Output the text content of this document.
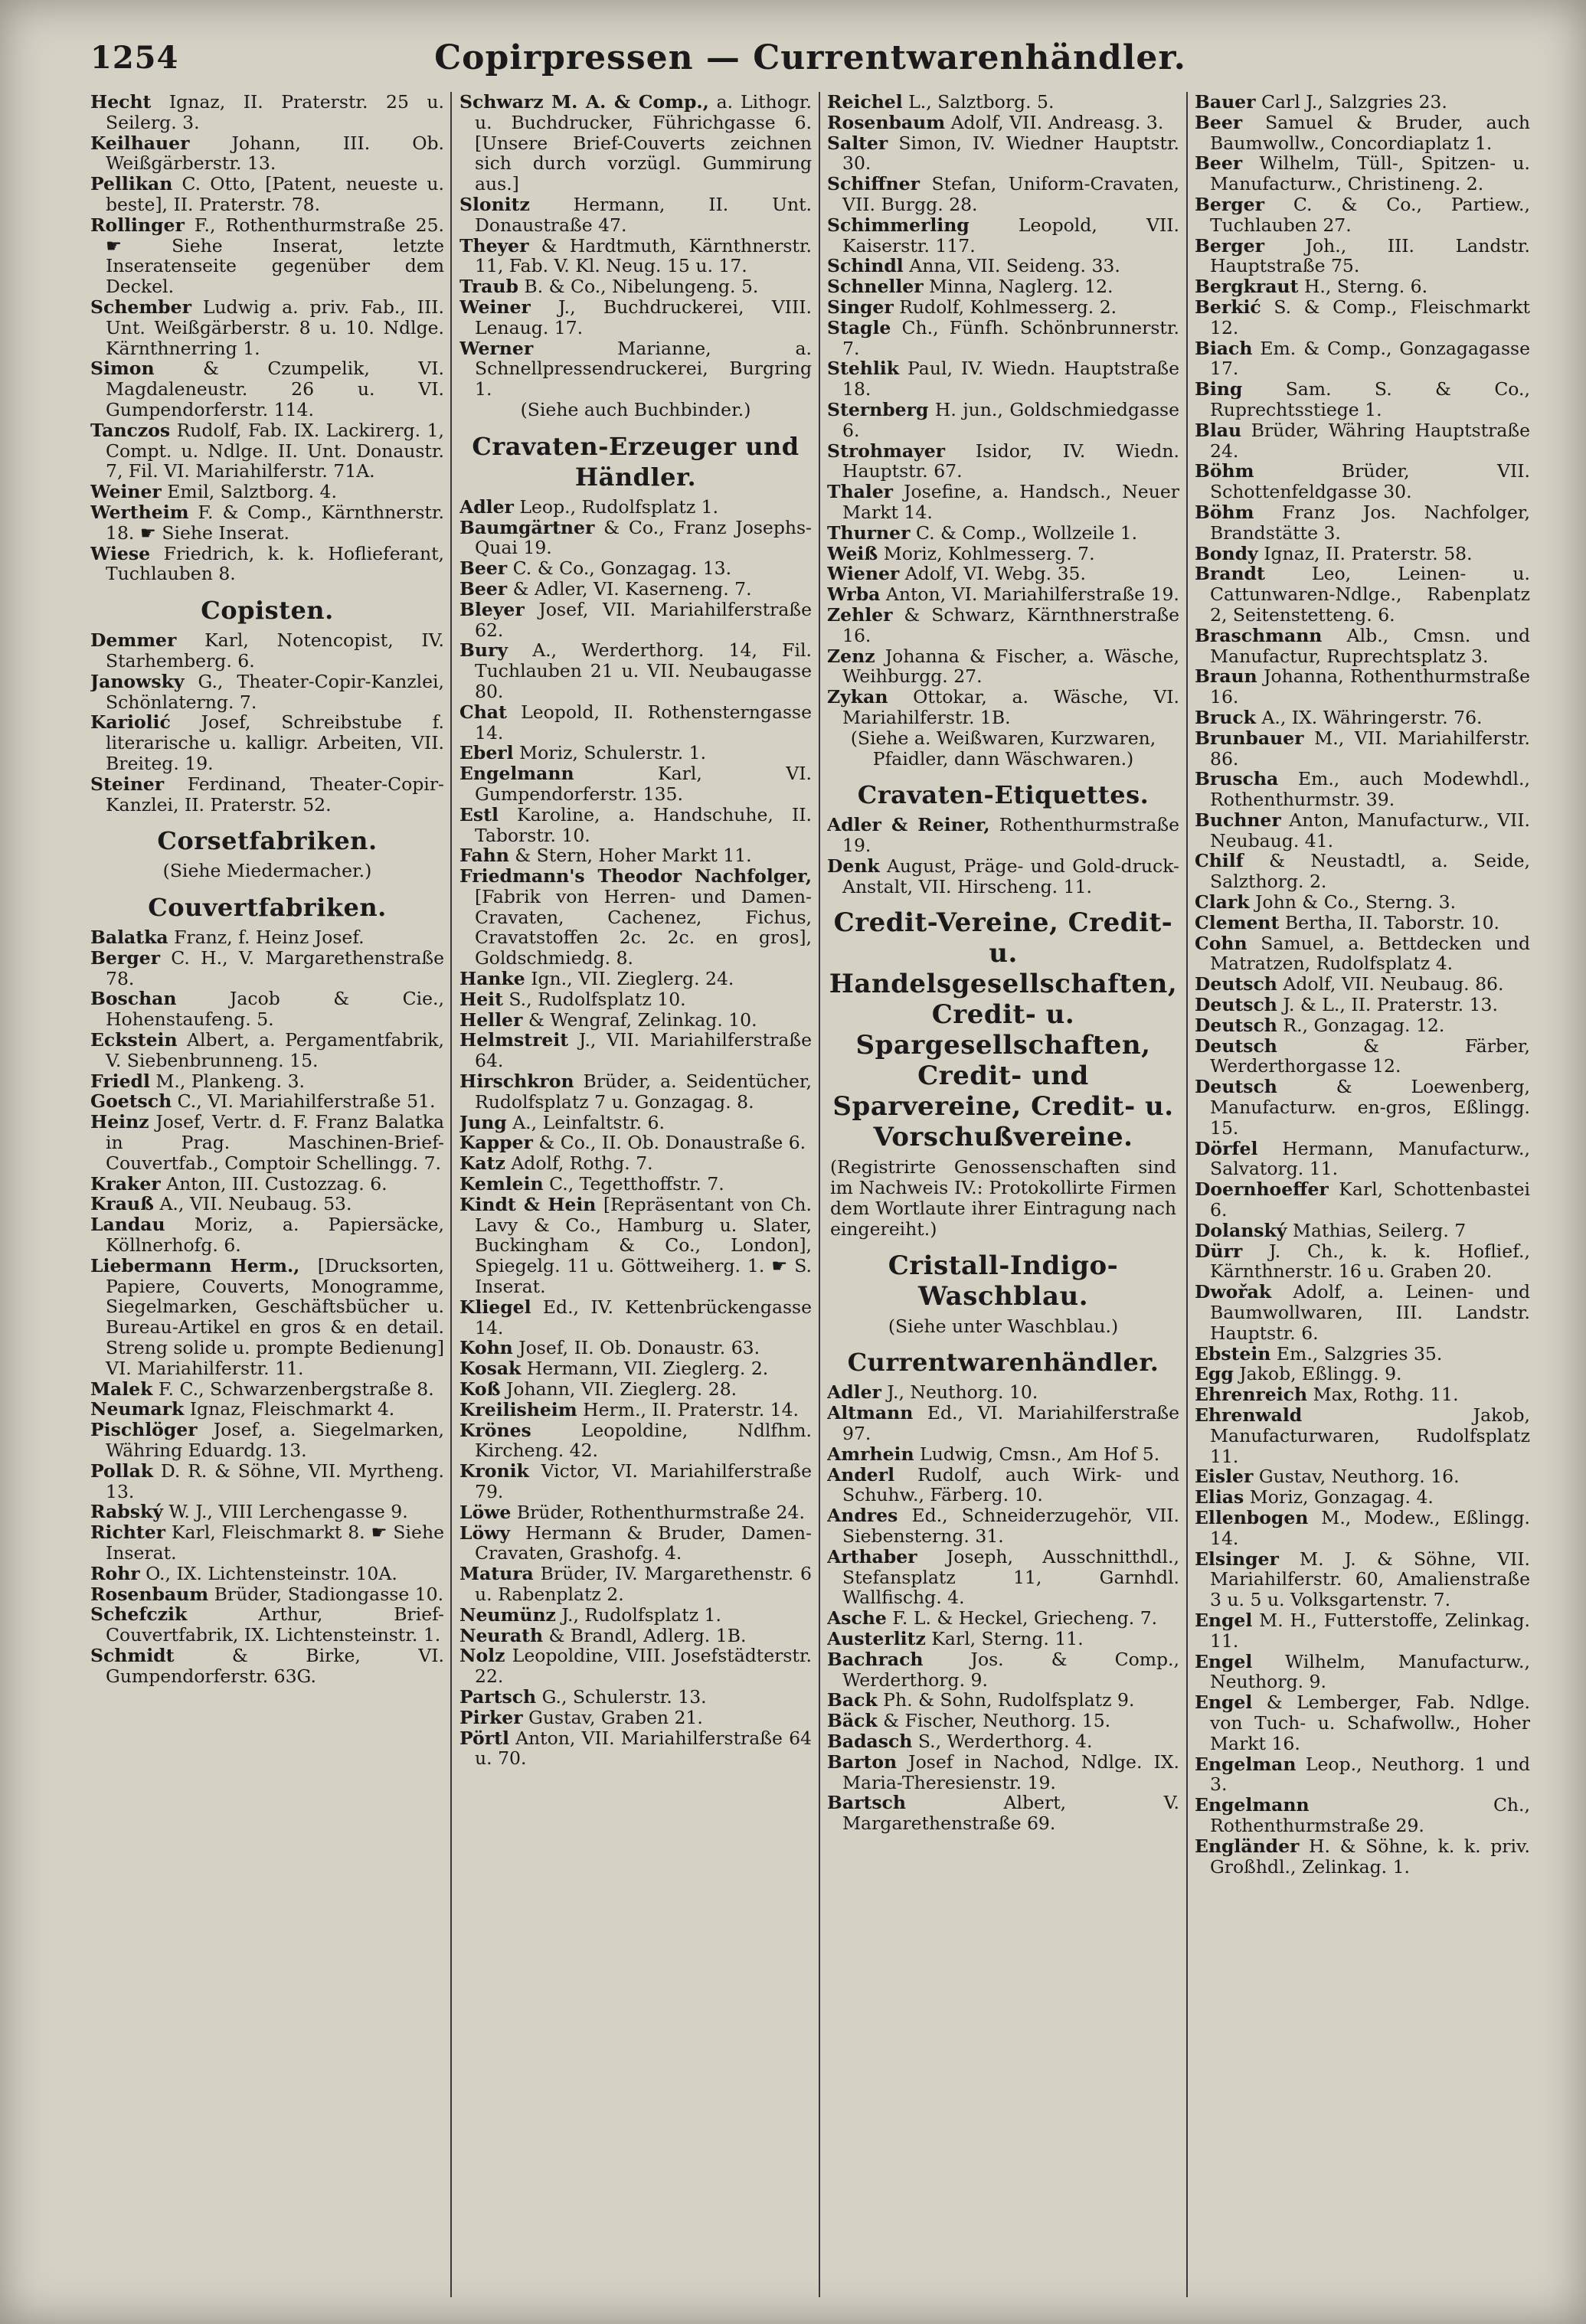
1254	Copirpressen — Currentwarenhändler.

Hecht Ignaz, II. Praterstr. 25 u. Seilerg. 3.

Keilhauer Johann, III. Ob. Weißgärberstr. 13.

Pellikan C. Otto, [Patent, neueste u. beste], II. Praterstr. 78.

Rollinger F., Rothenthurmstraße 25. ☛ Siehe Inserat, letzte Inseratenseite gegenüber dem Deckel.

Schember Ludwig a. priv. Fab., III. Unt. Weißgärberstr. 8 u. 10. Ndlge. Kärnthnerring 1.

Simon & Czumpelik, VI. Magdaleneustr. 26 u. VI. Gumpendorferstr. 114.

Tanczos Rudolf, Fab. IX. Lackirerg. 1, Compt. u. Ndlge. II. Unt. Donaustr. 7, Fil. VI. Mariahilferstr. 71A.

Weiner Emil, Salztborg. 4.

Wertheim F. & Comp., Kärnthnerstr. 18. ☛ Siehe Inserat.

Wiese Friedrich, k. k. Hoflieferant, Tuchlauben 8.

Copisten.

Demmer Karl, Notencopist, IV. Starhemberg. 6.

Janowsky G., Theater-Copir-Kanzlei, Schönlaterng. 7.

Kariolić Josef, Schreibstube f. literarische u. kalligr. Arbeiten, VII. Breiteg. 19.

Steiner Ferdinand, Theater-Copir-Kanzlei, II. Praterstr. 52.

Corsetfabriken.
(Siehe Miedermacher.)
Couvertfabriken.

Balatka Franz, f. Heinz Josef.

Berger C. H., V. Margarethenstraße 78.

Boschan Jacob & Cie., Hohenstaufeng. 5.

Eckstein Albert, a. Pergamentfabrik, V. Siebenbrunneng. 15.

Friedl M., Plankeng. 3.

Goetsch C., VI. Mariahilferstraße 51.

Heinz Josef, Vertr. d. F. Franz Balatka in Prag. Maschinen-Brief-Couvertfab., Comptoir Schellingg. 7.

Kraker Anton, III. Custozzag. 6.

Krauß A., VII. Neubaug. 53.

Landau Moriz, a. Papiersäcke, Köllnerhofg. 6.

Liebermann Herm., [Drucksorten, Papiere, Couverts, Monogramme, Siegelmarken, Geschäftsbücher u. Bureau-Artikel en gros & en detail. Streng solide u. prompte Bedienung] VI. Mariahilferstr. 11.

Malek F. C., Schwarzenbergstraße 8.

Neumark Ignaz, Fleischmarkt 4.

Pischlöger Josef, a. Siegelmarken, Währing Eduardg. 13.

Pollak D. R. & Söhne, VII. Myrtheng. 13.

Rabský W. J., VIII Lerchengasse 9.

Richter Karl, Fleischmarkt 8. ☛ Siehe Inserat.

Rohr O., IX. Lichtensteinstr. 10A.

Rosenbaum Brüder, Stadiongasse 10.

Schefczik Arthur, Brief-Couvertfabrik, IX. Lichtensteinstr. 1.

Schmidt & Birke, VI. Gumpendorferstr. 63G.

Schwarz M. A. & Comp., a. Lithogr. u. Buchdrucker, Führichgasse 6. [Unsere Brief-Couverts zeichnen sich durch vorzügl. Gummirung aus.]

Slonitz Hermann, II. Unt. Donaustraße 47.

Theyer & Hardtmuth, Kärnthnerstr. 11, Fab. V. Kl. Neug. 15 u. 17.

Traub B. & Co., Nibelungeng. 5.

Weiner J., Buchdruckerei, VIII. Lenaug. 17.

Werner Marianne, a. Schnellpressendruckerei, Burgring 1.

(Siehe auch Buchbinder.)
Cravaten-Erzeuger und Händler.

Adler Leop., Rudolfsplatz 1.

Baumgärtner & Co., Franz Josephs-Quai 19.

Beer C. & Co., Gonzagag. 13.

Beer & Adler, VI. Kaserneng. 7.

Bleyer Josef, VII. Mariahilferstraße 62.

Bury A., Werderthorg. 14, Fil. Tuchlauben 21 u. VII. Neubaugasse 80.

Chat Leopold, II. Rothensterngasse 14.

Eberl Moriz, Schulerstr. 1.

Engelmann Karl, VI. Gumpendorferstr. 135.

Estl Karoline, a. Handschuhe, II. Taborstr. 10.

Fahn & Stern, Hoher Markt 11.

Friedmann's Theodor Nachfolger, [Fabrik von Herren- und Damen-Cravaten, Cachenez, Fichus, Cravatstoffen 2c. 2c. en gros], Goldschmiedg. 8.

Hanke Ign., VII. Zieglerg. 24.

Heit S., Rudolfsplatz 10.

Heller & Wengraf, Zelinkag. 10.

Helmstreit J., VII. Mariahilferstraße 64.

Hirschkron Brüder, a. Seidentücher, Rudolfsplatz 7 u. Gonzagag. 8.

Jung A., Leinfaltstr. 6.

Kapper & Co., II. Ob. Donaustraße 6.

Katz Adolf, Rothg. 7.

Kemlein C., Tegetthoffstr. 7.

Kindt & Hein [Repräsentant von Ch. Lavy & Co., Hamburg u. Slater, Buckingham & Co., London], Spiegelg. 11 u. Göttweiherg. 1. ☛ S. Inserat.

Kliegel Ed., IV. Kettenbrückengasse 14.

Kohn Josef, II. Ob. Donaustr. 63.

Kosak Hermann, VII. Zieglerg. 2.

Koß Johann, VII. Zieglerg. 28.

Kreilisheim Herm., II. Praterstr. 14.

Krönes Leopoldine, Ndlfhm. Kircheng. 42.

Kronik Victor, VI. Mariahilferstraße 79.

Löwe Brüder, Rothenthurmstraße 24.

Löwy Hermann & Bruder, Damen-Cravaten, Grashofg. 4.

Matura Brüder, IV. Margarethenstr. 6 u. Rabenplatz 2.

Neumünz J., Rudolfsplatz 1.

Neurath & Brandl, Adlerg. 1B.

Nolz Leopoldine, VIII. Josefstädterstr. 22.

Partsch G., Schulerstr. 13.

Pirker Gustav, Graben 21.

Pörtl Anton, VII. Mariahilferstraße 64 u. 70.

Reichel L., Salztborg. 5.

Rosenbaum Adolf, VII. Andreasg. 3.

Salter Simon, IV. Wiedner Hauptstr. 30.

Schiffner Stefan, Uniform-Cravaten, VII. Burgg. 28.

Schimmerling Leopold, VII. Kaiserstr. 117.

Schindl Anna, VII. Seideng. 33.

Schneller Minna, Naglerg. 12.

Singer Rudolf, Kohlmesserg. 2.

Stagle Ch., Fünfh. Schönbrunnerstr. 7.

Stehlik Paul, IV. Wiedn. Hauptstraße 18.

Sternberg H. jun., Goldschmiedgasse 6.

Strohmayer Isidor, IV. Wiedn. Hauptstr. 67.

Thaler Josefine, a. Handsch., Neuer Markt 14.

Thurner C. & Comp., Wollzeile 1.

Weiß Moriz, Kohlmesserg. 7.

Wiener Adolf, VI. Webg. 35.

Wrba Anton, VI. Mariahilferstraße 19.

Zehler & Schwarz, Kärnthnerstraße 16.

Zenz Johanna & Fischer, a. Wäsche, Weihburgg. 27.

Zykan Ottokar, a. Wäsche, VI. Mariahilferstr. 1B.

(Siehe a. Weißwaren, Kurzwaren, Pfaidler, dann Wäschwaren.)
Cravaten-Etiquettes.

Adler & Reiner, Rothenthurmstraße 19.

Denk August, Präge- und Gold-druck-Anstalt, VII. Hirscheng. 11.

Credit-Vereine, Credit- u. Handelsgesellschaften, Credit- u. Spargesellschaften, Credit- und Sparvereine, Credit- u. Vorschußvereine.
(Registrirte Genossenschaften sind im Nachweis IV.: Protokollirte Firmen dem Wortlaute ihrer Eintragung nach eingereiht.)
Cristall-Indigo-Waschblau.
(Siehe unter Waschblau.)
Currentwarenhändler.

Adler J., Neuthorg. 10.

Altmann Ed., VI. Mariahilferstraße 97.

Amrhein Ludwig, Cmsn., Am Hof 5.

Anderl Rudolf, auch Wirk- und Schuhw., Färberg. 10.

Andres Ed., Schneiderzugehör, VII. Siebensterng. 31.

Arthaber Joseph, Ausschnitthdl., Stefansplatz 11, Garnhdl. Wallfischg. 4.

Asche F. L. & Heckel, Griecheng. 7.

Austerlitz Karl, Sterng. 11.

Bachrach Jos. & Comp., Werderthorg. 9.

Back Ph. & Sohn, Rudolfsplatz 9.

Bäck & Fischer, Neuthorg. 15.

Badasch S., Werderthorg. 4.

Barton Josef in Nachod, Ndlge. IX. Maria-Theresienstr. 19.

Bartsch Albert, V. Margarethenstraße 69.

Bauer Carl J., Salzgries 23.

Beer Samuel & Bruder, auch Baumwollw., Concordiaplatz 1.

Beer Wilhelm, Tüll-, Spitzen- u. Manufacturw., Christineng. 2.

Berger C. & Co., Partiew., Tuchlauben 27.

Berger Joh., III. Landstr. Hauptstraße 75.

Bergkraut H., Sterng. 6.

Berkić S. & Comp., Fleischmarkt 12.

Biach Em. & Comp., Gonzagagasse 17.

Bing Sam. S. & Co., Ruprechtsstiege 1.

Blau Brüder, Währing Hauptstraße 24.

Böhm Brüder, VII. Schottenfeldgasse 30.

Böhm Franz Jos. Nachfolger, Brandstätte 3.

Bondy Ignaz, II. Praterstr. 58.

Brandt Leo, Leinen- u. Cattunwaren-Ndlge., Rabenplatz 2, Seitenstetteng. 6.

Braschmann Alb., Cmsn. und Manufactur, Ruprechtsplatz 3.

Braun Johanna, Rothenthurmstraße 16.

Bruck A., IX. Währingerstr. 76.

Brunbauer M., VII. Mariahilferstr. 86.

Bruscha Em., auch Modewhdl., Rothenthurmstr. 39.

Buchner Anton, Manufacturw., VII. Neubaug. 41.

Chilf & Neustadtl, a. Seide, Salzthorg. 2.

Clark John & Co., Sterng. 3.

Clement Bertha, II. Taborstr. 10.

Cohn Samuel, a. Bettdecken und Matratzen, Rudolfsplatz 4.

Deutsch Adolf, VII. Neubaug. 86.

Deutsch J. & L., II. Praterstr. 13.

Deutsch R., Gonzagag. 12.

Deutsch & Färber, Werderthorgasse 12.

Deutsch & Loewenberg, Manufacturw. en-gros, Eßlingg. 15.

Dörfel Hermann, Manufacturw., Salvatorg. 11.

Doernhoeffer Karl, Schottenbastei 6.

Dolanský Mathias, Seilerg. 7

Dürr J. Ch., k. k. Hoflief., Kärnthnerstr. 16 u. Graben 20.

Dwořak Adolf, a. Leinen- und Baumwollwaren, III. Landstr. Hauptstr. 6.

Ebstein Em., Salzgries 35.

Egg Jakob, Eßlingg. 9.

Ehrenreich Max, Rothg. 11.

Ehrenwald Jakob, Manufacturwaren, Rudolfsplatz 11.

Eisler Gustav, Neuthorg. 16.

Elias Moriz, Gonzagag. 4.

Ellenbogen M., Modew., Eßlingg. 14.

Elsinger M. J. & Söhne, VII. Mariahilferstr. 60, Amalienstraße 3 u. 5 u. Volksgartenstr. 7.

Engel M. H., Futterstoffe, Zelinkag. 11.

Engel Wilhelm, Manufacturw., Neuthorg. 9.

Engel & Lemberger, Fab. Ndlge. von Tuch- u. Schafwollw., Hoher Markt 16.

Engelman Leop., Neuthorg. 1 und 3.

Engelmann Ch., Rothenthurmstraße 29.

Engländer H. & Söhne, k. k. priv. Großhdl., Zelinkag. 1.
